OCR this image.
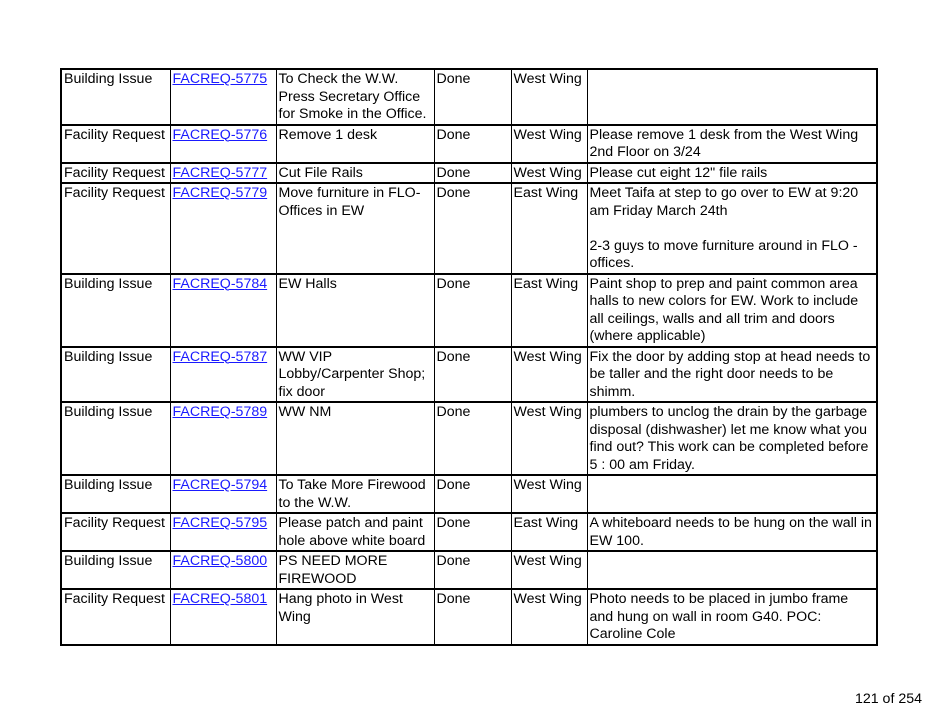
Building Issue	FACREQ-5775	To Check the W.W. Press Secretary Office for Smoke in the Office.	Done	West Wing	

Facility Request	FACREQ-5776	Remove 1 desk	Done	West Wing	Please remove 1 desk from the West Wing 2nd Floor on 3/24

Facility Request	FACREQ-5777	Cut File Rails	Done	West Wing	Please cut eight 12" file rails

Facility Request	FACREQ-5779	Move furniture in FLO-Offices in EW	Done	East Wing	Meet Taifa at step to go over to EW at 9:20 am Friday March 24th
2-3 guys to move furniture around in FLO - offices.

Building Issue	FACREQ-5784	EW Halls	Done	East Wing	Paint shop to prep and paint common area halls to new colors for EW. Work to include all ceilings, walls and all trim and doors (where applicable)

Building Issue	FACREQ-5787	WW VIP Lobby/Carpenter Shop; fix door	Done	West Wing	Fix the door by adding stop at head needs to be taller and the right door needs to be shimm.

Building Issue	FACREQ-5789	WW NM	Done	West Wing	plumbers to unclog the drain by the garbage disposal (dishwasher) let me know what you find out? This work can be completed before 5 : 00 am Friday.

Building Issue	FACREQ-5794	To Take More Firewood to the W.W.	Done	West Wing	

Facility Request	FACREQ-5795	Please patch and paint hole above white board	Done	East Wing	A whiteboard needs to be hung on the wall in EW 100.

Building Issue	FACREQ-5800	PS NEED MORE FIREWOOD	Done	West Wing	

Facility Request	FACREQ-5801	Hang photo in West Wing	Done	West Wing	Photo needs to be placed in jumbo frame and hung on wall in room G40. POC: Caroline Cole
121 of 254
